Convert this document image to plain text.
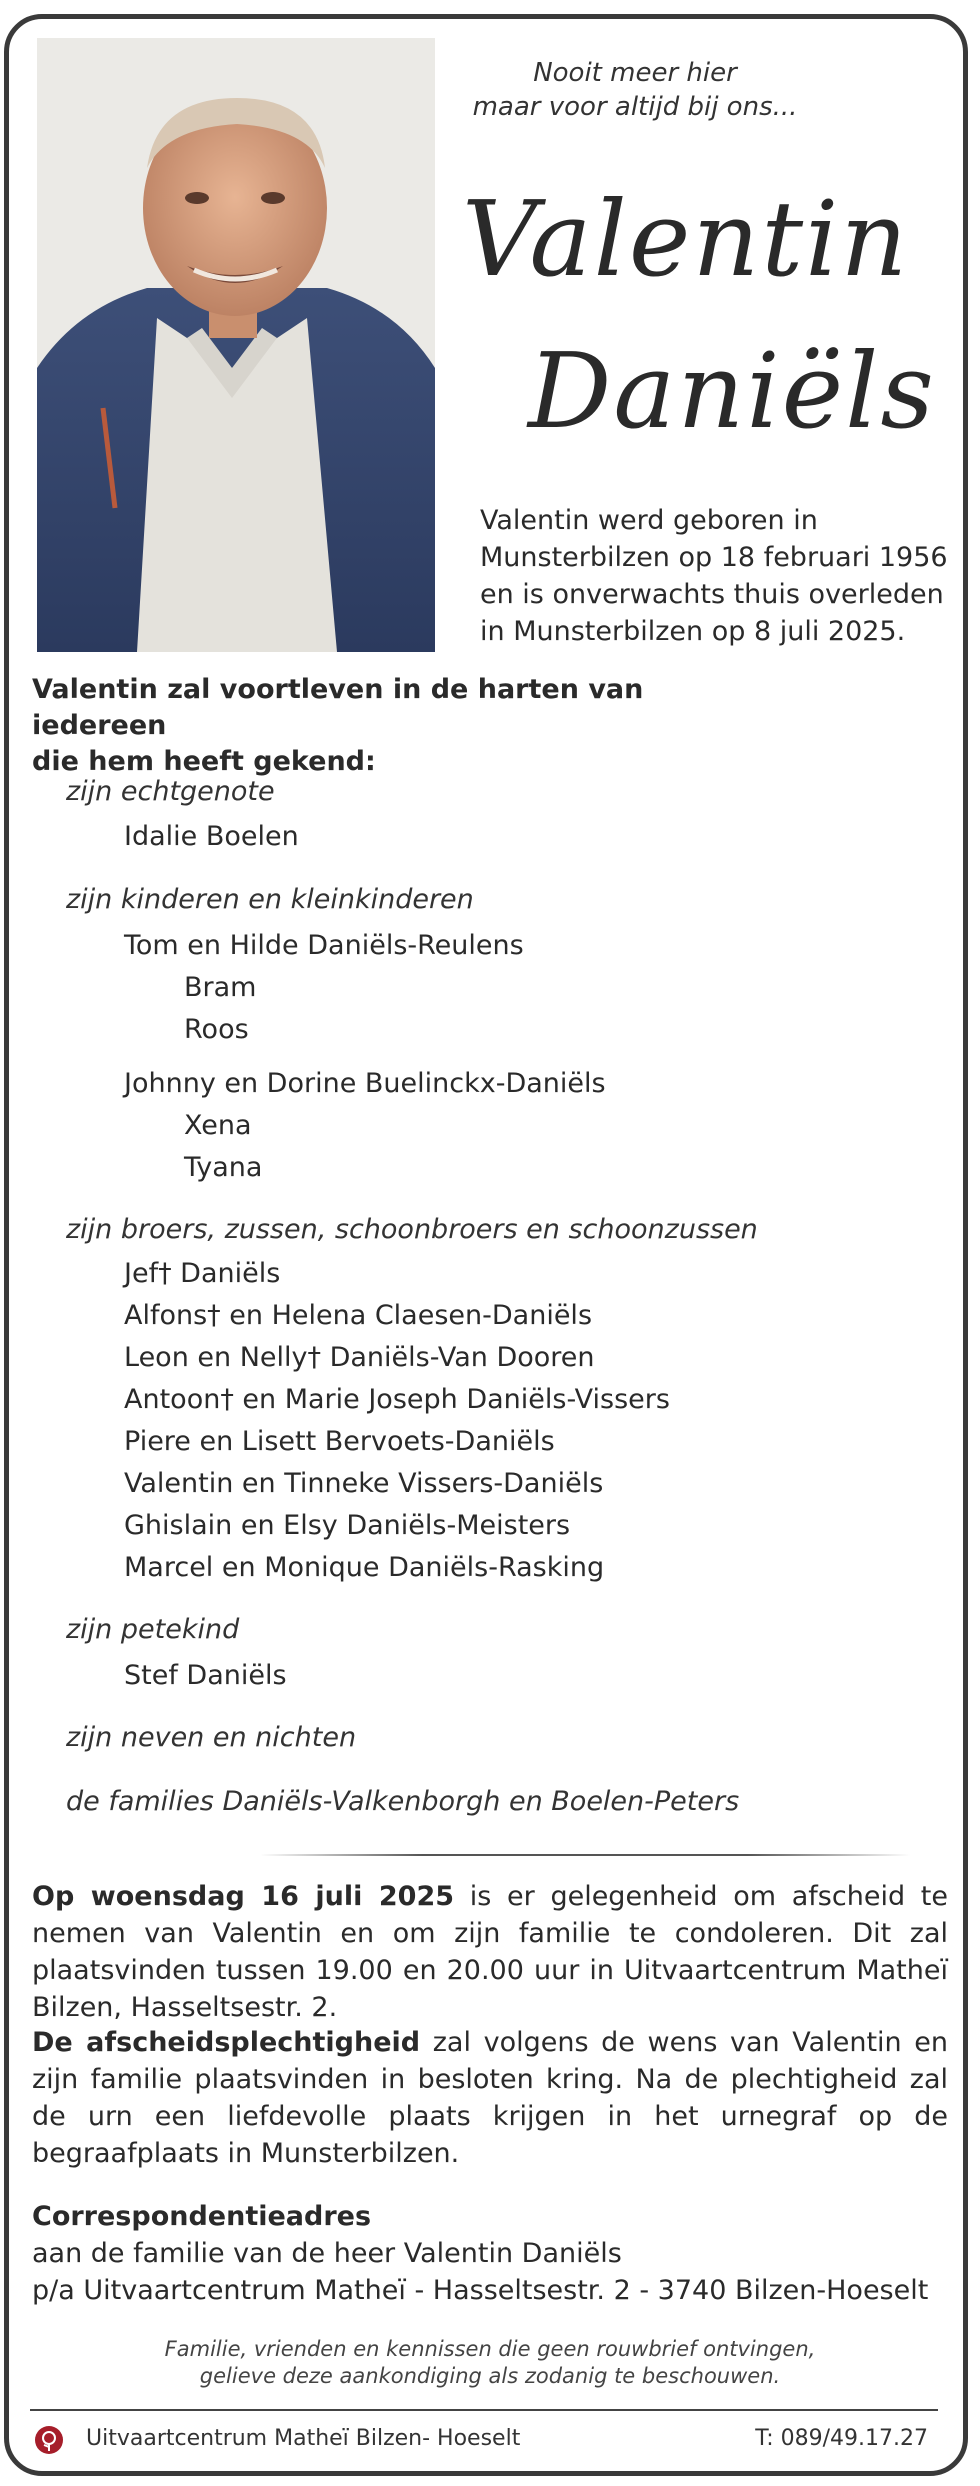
Nooit meer hier
maar voor altijd bij ons...
Valentin
Daniëls
Valentin werd geboren in
Munsterbilzen op 18 februari 1956
en is onverwachts thuis overleden
in Munsterbilzen op 8 juli 2025.
Valentin zal voortleven in de harten van iedereen
die hem heeft gekend:
zijn echtgenote
Idalie Boelen
zijn kinderen en kleinkinderen
Tom en Hilde Daniëls-Reulens
Bram
Roos
Johnny en Dorine Buelinckx-Daniëls
Xena
Tyana
zijn broers, zussen, schoonbroers en schoonzussen
Jef† Daniëls
Alfons† en Helena Claesen-Daniëls
Leon en Nelly† Daniëls-Van Dooren
Antoon† en Marie Joseph Daniëls-Vissers
Piere en Lisett Bervoets-Daniëls
Valentin en Tinneke Vissers-Daniëls
Ghislain en Elsy Daniëls-Meisters
Marcel en Monique Daniëls-Rasking
zijn petekind
Stef Daniëls
zijn neven en nichten
de families Daniëls-Valkenborgh en Boelen-Peters
Op woensdag 16 juli 2025 is er gelegenheid om afscheid te nemen van Valentin en om zijn familie te condoleren. Dit zal plaatsvinden tussen 19.00 en 20.00 uur in Uitvaartcentrum Matheï Bilzen, Hasseltsestr. 2.
De afscheidsplechtigheid zal volgens de wens van Valentin en zijn familie plaatsvinden in besloten kring. Na de plechtigheid zal de urn een liefdevolle plaats krijgen in het urnegraf op de begraafplaats in Munsterbilzen.
Correspondentieadres
aan de familie van de heer Valentin Daniëls
p/a Uitvaartcentrum Matheï - Hasseltsestr. 2 - 3740 Bilzen-Hoeselt
Familie, vrienden en kennissen die geen rouwbrief ontvingen,
gelieve deze aankondiging als zodanig te beschouwen.
Uitvaartcentrum Matheï Bilzen- Hoeselt	T: 089/49.17.27
